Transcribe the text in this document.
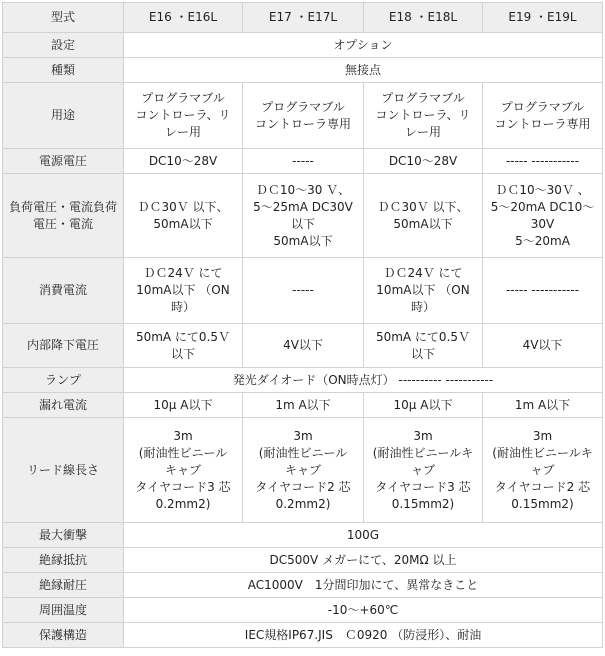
型式	E16 ・E16L	E17 ・E17L	E18 ・E18L	E19 ・E19L

設定	オプション			

種類	無接点			

用途	プログラマブル
コントローラ、リ
レー用	プログラマブル
コントローラ専用	プログラマブル
コントローラ、リ
レー用	プログラマブル
コントローラ専用

電源電圧	DC10～28V	-----	DC10～28V	----- -----------

負荷電圧・電流負荷
電圧・電流	ＤＣ30Ｖ 以下、
50mA以下	ＤＣ10～30 Ｖ、
5～25mA DC30V
以下
50mA以下	ＤＣ30Ｖ 以下、
50mA以下	ＤＣ10～30Ｖ 、
5～20mA DC10～
30V
5～20mA

消費電流	ＤＣ24Ｖ にて
10mA以下 （ON
時）	-----	ＤＣ24Ｖ にて
10mA以下 （ON
時）	----- -----------

内部降下電圧	50mA にて0.5Ｖ
以下	4V以下	50mA にて0.5Ｖ
以下	4V以下

ランプ	発光ダイオード（ON時点灯） ---------- -----------			

漏れ電流	10μ A以下	1m A以下	10μ A以下	1m A以下

リード線長さ	3m
(耐油性ビニール
キャブ
タイヤコード3 芯
0.2mm2)	3m
(耐油性ビニール
キャブ
タイヤコード2 芯
0.2mm2)	3m
(耐油性ビニールキ
ャブ
タイヤコード3 芯
0.15mm2)	3m
(耐油性ビニールキ
ャブ
タイヤコード2 芯
0.15mm2)

最大衝撃	100G			

絶縁抵抗	DC500V メガーにて、20MΩ 以上			

絶縁耐圧	AC1000V　1分間印加にて、異常なきこと			

周囲温度	-10～+60℃			

保護構造	IEC規格IP67.JIS　Ｃ0920 （防浸形）、耐油			
